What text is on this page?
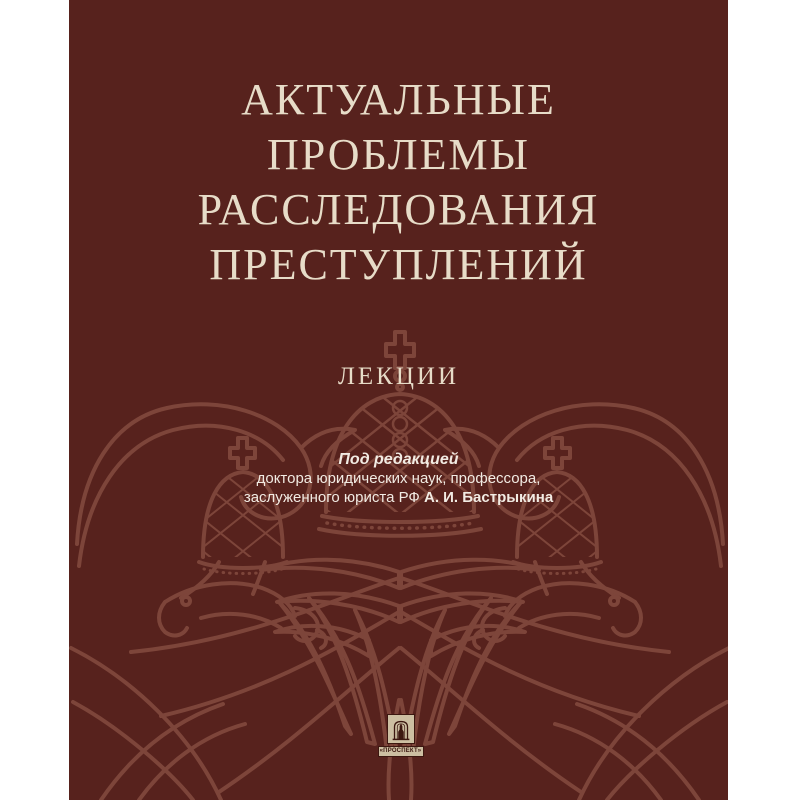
АКТУАЛЬНЫЕ
ПРОБЛЕМЫ
РАССЛЕДОВАНИЯ
ПРЕСТУПЛЕНИЙ
ЛЕКЦИИ
Под редакцией
доктора юридических наук, профессора,
заслуженного юриста РФ А. И. Бастрыкина
«ПРОСПЕКТ»
